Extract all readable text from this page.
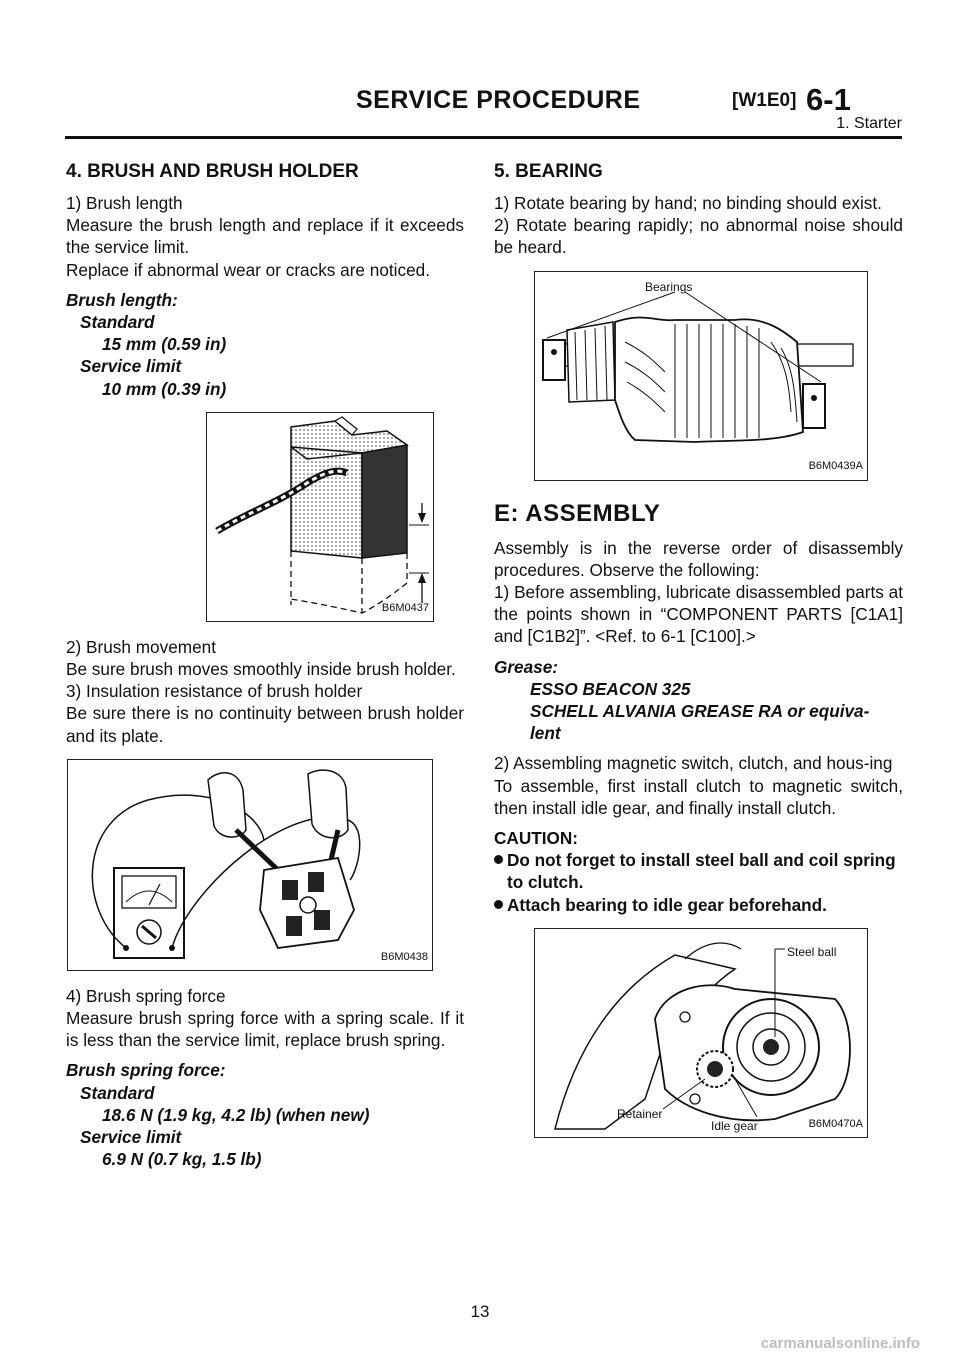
SERVICE PROCEDURE	[W1E0] 6-1
1. Starter
4. BRUSH AND BRUSH HOLDER

1) Brush length

Measure the brush length and replace if it exceeds the service limit.

Replace if abnormal wear or cracks are noticed.

Brush length:
Standard
15 mm (0.59 in)
Service limit
10 mm (0.39 in)
B6M0437

2) Brush movement

Be sure brush moves smoothly inside brush holder.

3) Insulation resistance of brush holder

Be sure there is no continuity between brush holder and its plate.

B6M0438

4) Brush spring force

Measure brush spring force with a spring scale. If it is less than the service limit, replace brush spring.

Brush spring force:
Standard
18.6 N (1.9 kg, 4.2 lb) (when new)
Service limit
6.9 N (0.7 kg, 1.5 lb)
5. BEARING

1) Rotate bearing by hand; no binding should exist.

2) Rotate bearing rapidly; no abnormal noise should be heard.

Bearings
B6M0439A
E: ASSEMBLY

Assembly is in the reverse order of disassembly procedures. Observe the following:

1) Before assembling, lubricate disassembled parts at the points shown in “COMPONENT PARTS [C1A1] and [C1B2]”. <Ref. to 6-1 [C100].>

Grease:
ESSO BEACON 325
SCHELL ALVANIA GREASE RA or equiva-
lent

2) Assembling magnetic switch, clutch, and hous-ing

To assemble, first install clutch to magnetic switch, then install idle gear, and finally install clutch.

CAUTION:
Do not forget to install steel ball and coil spring to clutch.
Attach bearing to idle gear beforehand.
Steel ball
Retainer
Idle gear	B6M0470A
13
carmanualsonline.info
